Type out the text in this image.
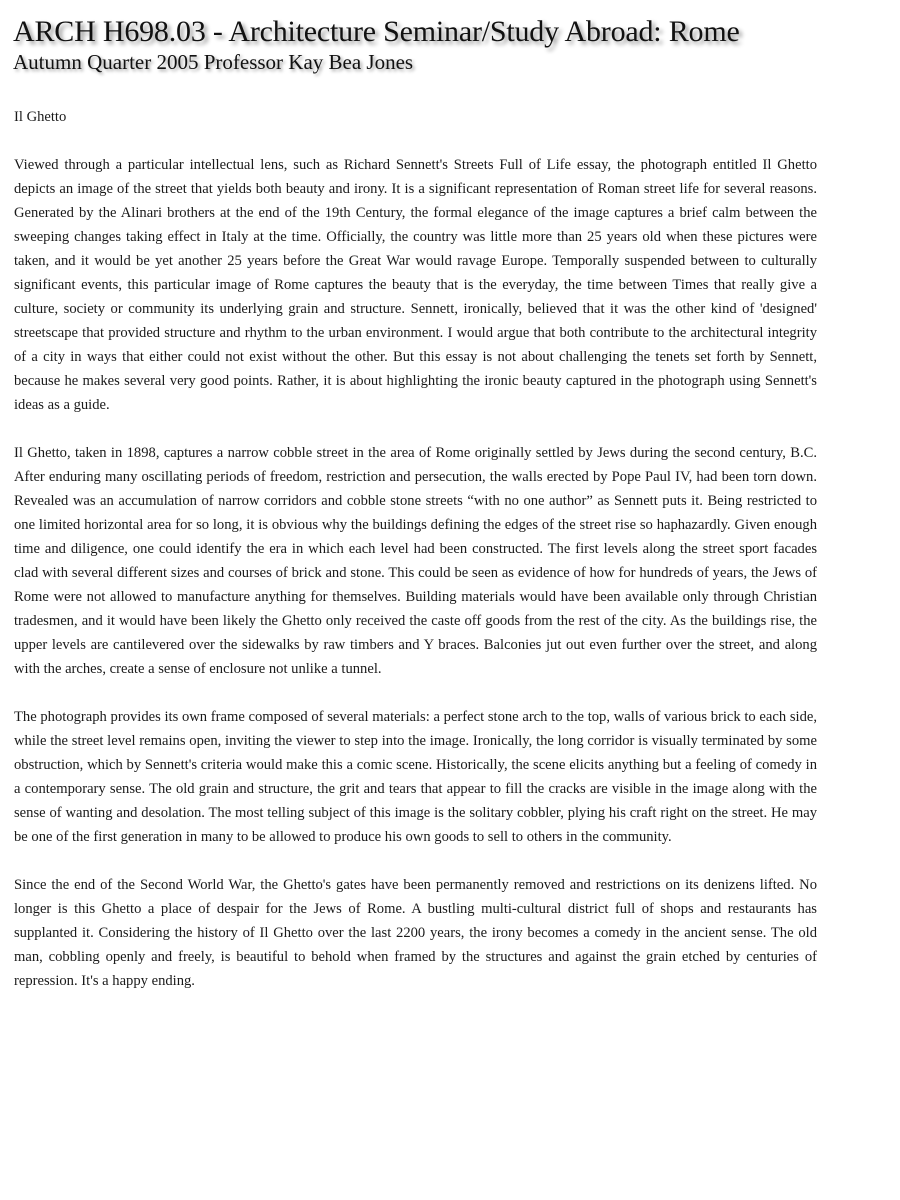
ARCH H698.03 - Architecture Seminar/Study Abroad: Rome
Autumn Quarter 2005 Professor Kay Bea Jones
Il Ghetto

Viewed through a particular intellectual lens, such as Richard Sennett's Streets Full of Life essay, the photograph entitled Il Ghetto depicts an image of the street that yields both beauty and irony. It is a significant representation of Roman street life for several reasons. Generated by the Alinari brothers at the end of the 19th Century, the formal elegance of the image captures a brief calm between the sweeping changes taking effect in Italy at the time. Officially, the country was little more than 25 years old when these pictures were taken, and it would be yet another 25 years before the Great War would ravage Europe. Temporally suspended between to culturally significant events, this particular image of Rome captures the beauty that is the everyday, the time between Times that really give a culture, society or community its underlying grain and structure. Sennett, ironically, believed that it was the other kind of 'designed' streetscape that provided structure and rhythm to the urban environment. I would argue that both contribute to the architectural integrity of a city in ways that either could not exist without the other. But this essay is not about challenging the tenets set forth by Sennett, because he makes several very good points. Rather, it is about highlighting the ironic beauty captured in the photograph using Sennett's ideas as a guide.

Il Ghetto, taken in 1898, captures a narrow cobble street in the area of Rome originally settled by Jews during the second century, B.C. After enduring many oscillating periods of freedom, restriction and persecution, the walls erected by Pope Paul IV, had been torn down. Revealed was an accumulation of narrow corridors and cobble stone streets “with no one author” as Sennett puts it. Being restricted to one limited horizontal area for so long, it is obvious why the buildings defining the edges of the street rise so haphazardly. Given enough time and diligence, one could identify the era in which each level had been constructed. The first levels along the street sport facades clad with several different sizes and courses of brick and stone. This could be seen as evidence of how for hundreds of years, the Jews of Rome were not allowed to manufacture anything for themselves. Building materials would have been available only through Christian tradesmen, and it would have been likely the Ghetto only received the caste off goods from the rest of the city. As the buildings rise, the upper levels are cantilevered over the sidewalks by raw timbers and Y braces. Balconies jut out even further over the street, and along with the arches, create a sense of enclosure not unlike a tunnel.

The photograph provides its own frame composed of several materials: a perfect stone arch to the top, walls of various brick to each side, while the street level remains open, inviting the viewer to step into the image. Ironically, the long corridor is visually terminated by some obstruction, which by Sennett's criteria would make this a comic scene. Historically, the scene elicits anything but a feeling of comedy in a contemporary sense. The old grain and structure, the grit and tears that appear to fill the cracks are visible in the image along with the sense of wanting and desolation. The most telling subject of this image is the solitary cobbler, plying his craft right on the street. He may be one of the first generation in many to be allowed to produce his own goods to sell to others in the community.

Since the end of the Second World War, the Ghetto's gates have been permanently removed and restrictions on its denizens lifted. No longer is this Ghetto a place of despair for the Jews of Rome. A bustling multi-cultural district full of shops and restaurants has supplanted it. Considering the history of Il Ghetto over the last 2200 years, the irony becomes a comedy in the ancient sense. The old man, cobbling openly and freely, is beautiful to behold when framed by the structures and against the grain etched by centuries of repression. It's a happy ending.
